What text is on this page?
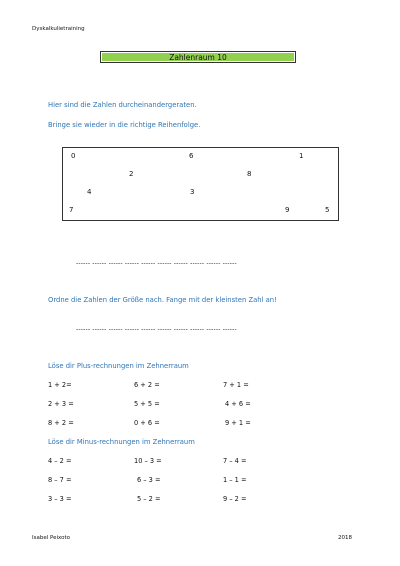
Dyskalkulietraining
Zahlenraum 10
Hier sind die Zahlen durcheinandergeraten.
Bringe sie wieder in die richtige Reihenfolge.
0	6	1
2	8
4	3
7	9	5
------ ------ ------ ------ ------ ------ ------ ------ ------ ------
Ordne die Zahlen der Größe nach. Fange mit der kleinsten Zahl an!
------ ------ ------ ------ ------ ------ ------ ------ ------ ------
Löse dir Plus-rechnungen im Zehnerraum
1 + 2=	6 + 2 =	7 + 1 =
2 + 3 =	5 + 5 =	4 + 6 =
8 + 2 =	0 + 6 =	9 + 1 =
Löse dir Minus-rechnungen im Zehnerraum
4 – 2 =	10 – 3 =	7 – 4 =
8 – 7 =	6 – 3 =	1 – 1 =
3 – 3 =	5 – 2 =	9 – 2 =
Isabel Peixoto	2018
